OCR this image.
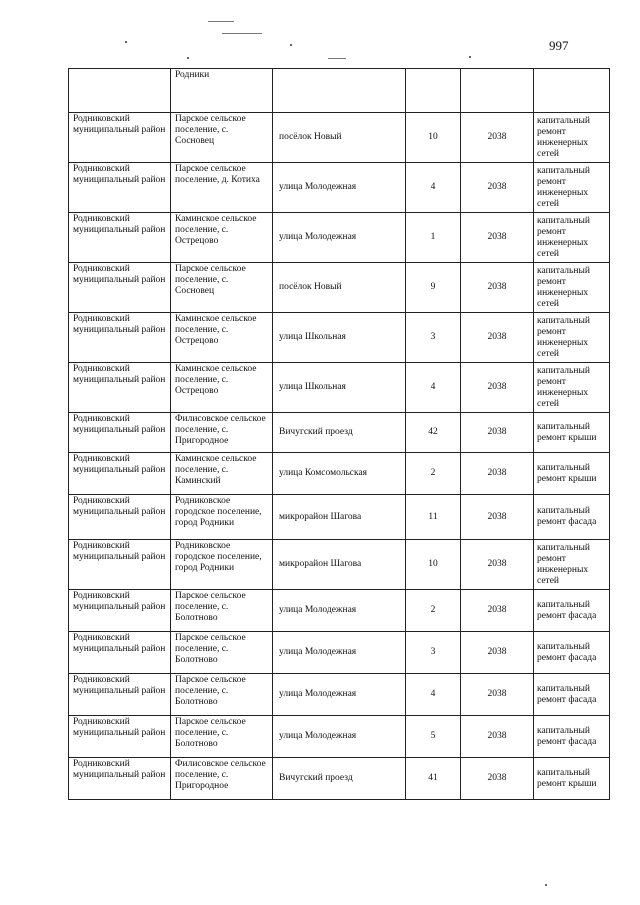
997
	Родники				
Родниковский муниципальный район	Парское сельское поселение, с. Сосновец	посёлок Новый	10	2038	капитальный ремонт инженерных сетей
Родниковский муниципальный район	Парское сельское поселение, д. Котиха	улица Молодежная	4	2038	капитальный ремонт инженерных сетей
Родниковский муниципальный район	Каминское сельское поселение, с. Острецово	улица Молодежная	1	2038	капитальный ремонт инженерных сетей
Родниковский муниципальный район	Парское сельское поселение, с. Сосновец	посёлок Новый	9	2038	капитальный ремонт инженерных сетей
Родниковский муниципальный район	Каминское сельское поселение, с. Острецово	улица Школьная	3	2038	капитальный ремонт инженерных сетей
Родниковский муниципальный район	Каминское сельское поселение, с. Острецово	улица Школьная	4	2038	капитальный ремонт инженерных сетей
Родниковский муниципальный район	Филисовское сельское поселение, с. Пригородное	Вичугский проезд	42	2038	капитальный ремонт крыши
Родниковский муниципальный район	Каминское сельское поселение, с. Каминский	улица Комсомольская	2	2038	капитальный ремонт крыши
Родниковский муниципальный район	Родниковское городское поселение, город Родники	микрорайон Шагова	11	2038	капитальный ремонт фасада
Родниковский муниципальный район	Родниковское городское поселение, город Родники	микрорайон Шагова	10	2038	капитальный ремонт инженерных сетей
Родниковский муниципальный район	Парское сельское поселение, с. Болотново	улица Молодежная	2	2038	капитальный ремонт фасада
Родниковский муниципальный район	Парское сельское поселение, с. Болотново	улица Молодежная	3	2038	капитальный ремонт фасада
Родниковский муниципальный район	Парское сельское поселение, с. Болотново	улица Молодежная	4	2038	капитальный ремонт фасада
Родниковский муниципальный район	Парское сельское поселение, с. Болотново	улица Молодежная	5	2038	капитальный ремонт фасада
Родниковский муниципальный район	Филисовское сельское поселение, с. Пригородное	Вичугский проезд	41	2038	капитальный ремонт крыши
